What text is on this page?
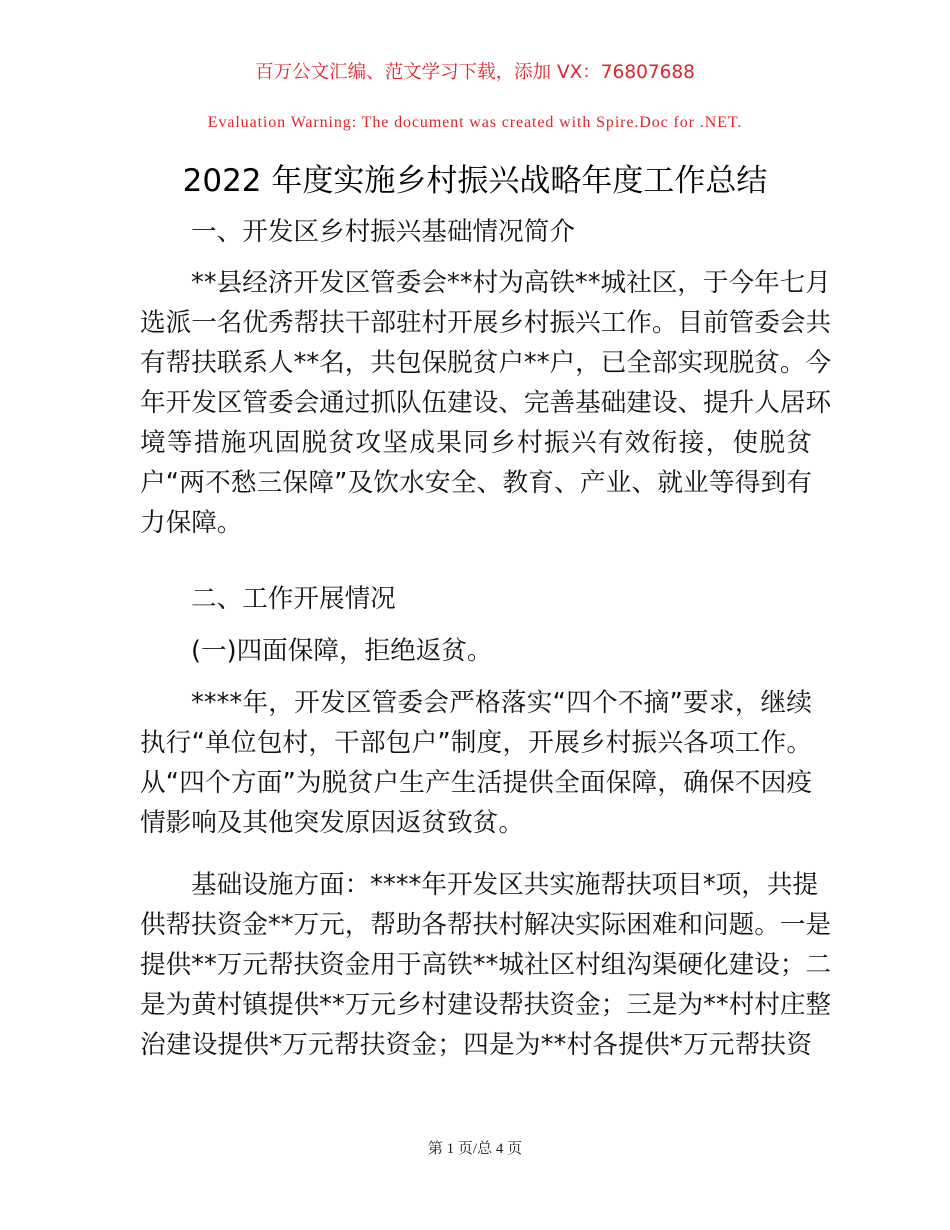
百万公文汇编、范文学习下载，添加 VX：76807688
Evaluation Warning: The document was created with Spire.Doc for .NET.
2022 年度实施乡村振兴战略年度工作总结
一、开发区乡村振兴基础情况简介
**县经济开发区管委会**村为高铁**城社区，于今年七月
选派一名优秀帮扶干部驻村开展乡村振兴工作。目前管委会共
有帮扶联系人**名，共包保脱贫户**户，已全部实现脱贫。今
年开发区管委会通过抓队伍建设、完善基础建设、提升人居环
境等措施巩固脱贫攻坚成果同乡村振兴有效衔接，使脱贫
户“两不愁三保障”及饮水安全、教育、产业、就业等得到有
力保障。
二、工作开展情况
(一)四面保障，拒绝返贫。
****年，开发区管委会严格落实“四个不摘”要求，继续
执行“单位包村，干部包户”制度，开展乡村振兴各项工作。
从“四个方面”为脱贫户生产生活提供全面保障，确保不因疫
情影响及其他突发原因返贫致贫。
基础设施方面：****年开发区共实施帮扶项目*项，共提
供帮扶资金**万元，帮助各帮扶村解决实际困难和问题。一是
提供**万元帮扶资金用于高铁**城社区村组沟渠硬化建设；二
是为黄村镇提供**万元乡村建设帮扶资金；三是为**村村庄整
治建设提供*万元帮扶资金；四是为**村各提供*万元帮扶资
第 1 页/总 4 页
